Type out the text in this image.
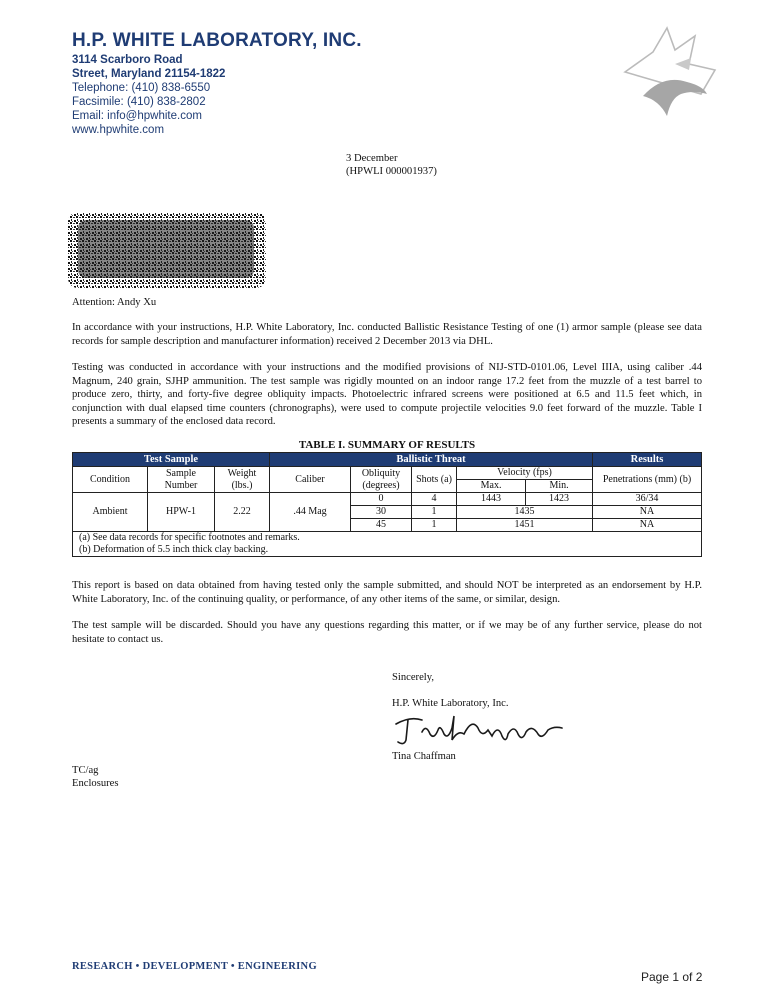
H.P. WHITE LABORATORY, INC.
3114 Scarboro Road
Street, Maryland 21154-1822
Telephone: (410) 838-6550
Facsimile: (410) 838-2802
Email: info@hpwhite.com
www.hpwhite.com
3 December
(HPWLI 000001937)
Attention: Andy Xu
In accordance with your instructions, H.P. White Laboratory, Inc. conducted Ballistic Resistance Testing of one (1) armor sample (please see data records for sample description and manufacturer information) received 2 December 2013 via DHL.
Testing was conducted in accordance with your instructions and the modified provisions of NIJ-STD-0101.06, Level IIIA, using caliber .44 Magnum, 240 grain, SJHP ammunition. The test sample was rigidly mounted on an indoor range 17.2 feet from the muzzle of a test barrel to produce zero, thirty, and forty-five degree obliquity impacts. Photoelectric infrared screens were positioned at 6.5 and 11.5 feet which, in conjunction with dual elapsed time counters (chronographs), were used to compute projectile velocities 9.0 feet forward of the muzzle. Table I presents a summary of the enclosed data record.
TABLE I. SUMMARY OF RESULTS
Test Sample			Ballistic Threat					Results
Condition	Sample Number	Weight (lbs.)	Caliber	Obliquity (degrees)	Shots (a)	Velocity (fps)		Penetrations (mm) (b)
						Max.	Min.	
Ambient	HPW-1	2.22	.44 Mag	0	4	1443	1423	36/34
				30	1	1435		NA
				45	1	1451		NA
(a) See data records for specific footnotes and remarks.								
(b) Deformation of 5.5 inch thick clay backing.								
This report is based on data obtained from having tested only the sample submitted, and should NOT be interpreted as an endorsement by H.P. White Laboratory, Inc. of the continuing quality, or performance, of any other items of the same, or similar, design.
The test sample will be discarded. Should you have any questions regarding this matter, or if we may be of any further service, please do not hesitate to contact us.
Sincerely,
H.P. White Laboratory, Inc.
Tina Chaffman
TC/ag
Enclosures
RESEARCH • DEVELOPMENT • ENGINEERING
Page 1 of 2
